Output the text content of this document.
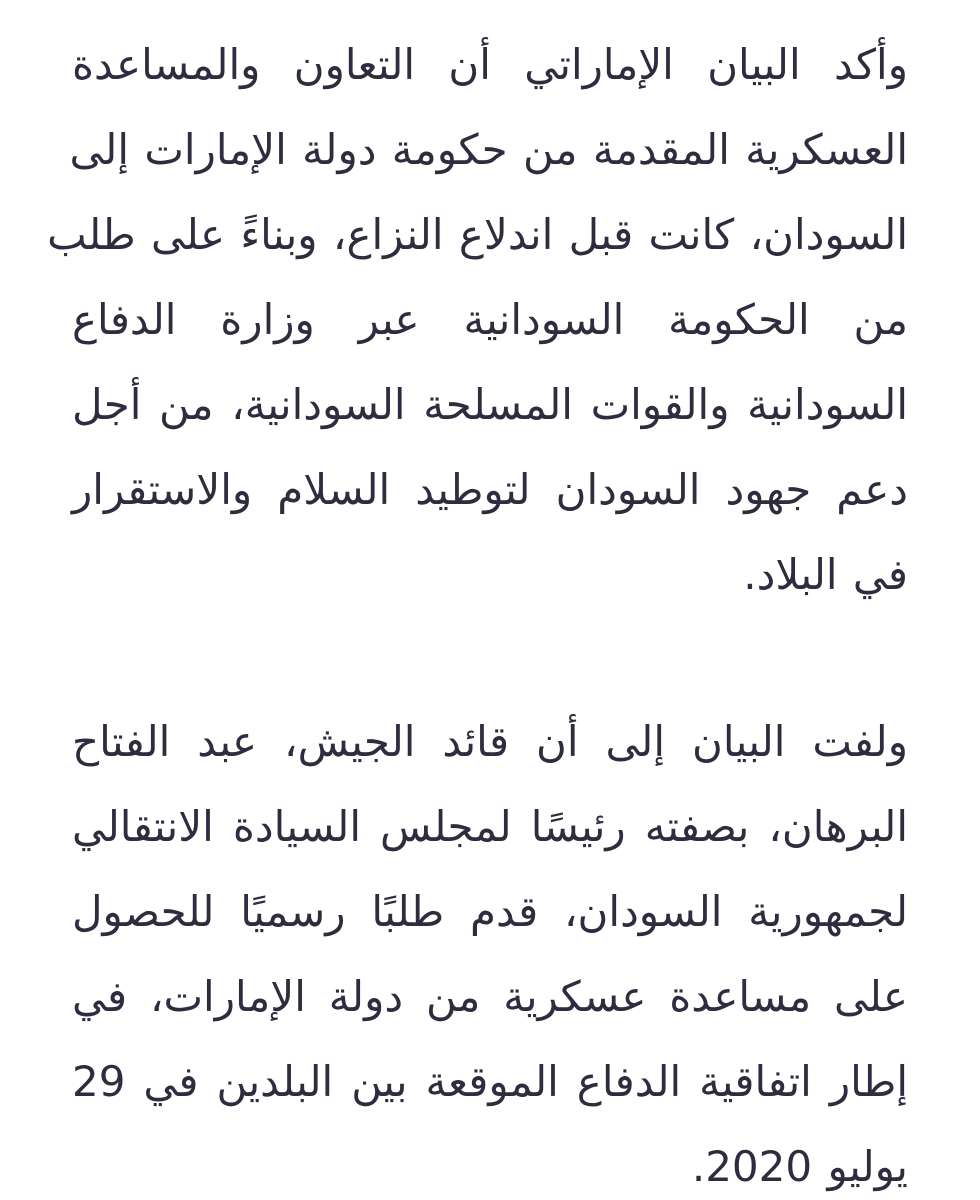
وأكد البيان الإماراتي أن التعاون والمساعدة
العسكرية المقدمة من حكومة دولة الإمارات إلى
السودان، كانت قبل اندلاع النزاع، وبناءً على طلب
من الحكومة السودانية عبر وزارة الدفاع
السودانية والقوات المسلحة السودانية، من أجل
دعم جهود السودان لتوطيد السلام والاستقرار
في البلاد.

ولفت البيان إلى أن قائد الجيش، عبد الفتاح
البرهان، بصفته رئيسًا لمجلس السيادة الانتقالي
لجمهورية السودان، قدم طلبًا رسميًا للحصول
على مساعدة عسكرية من دولة الإمارات، في
إطار اتفاقية الدفاع الموقعة بين البلدين في 29
يوليو 2020.
